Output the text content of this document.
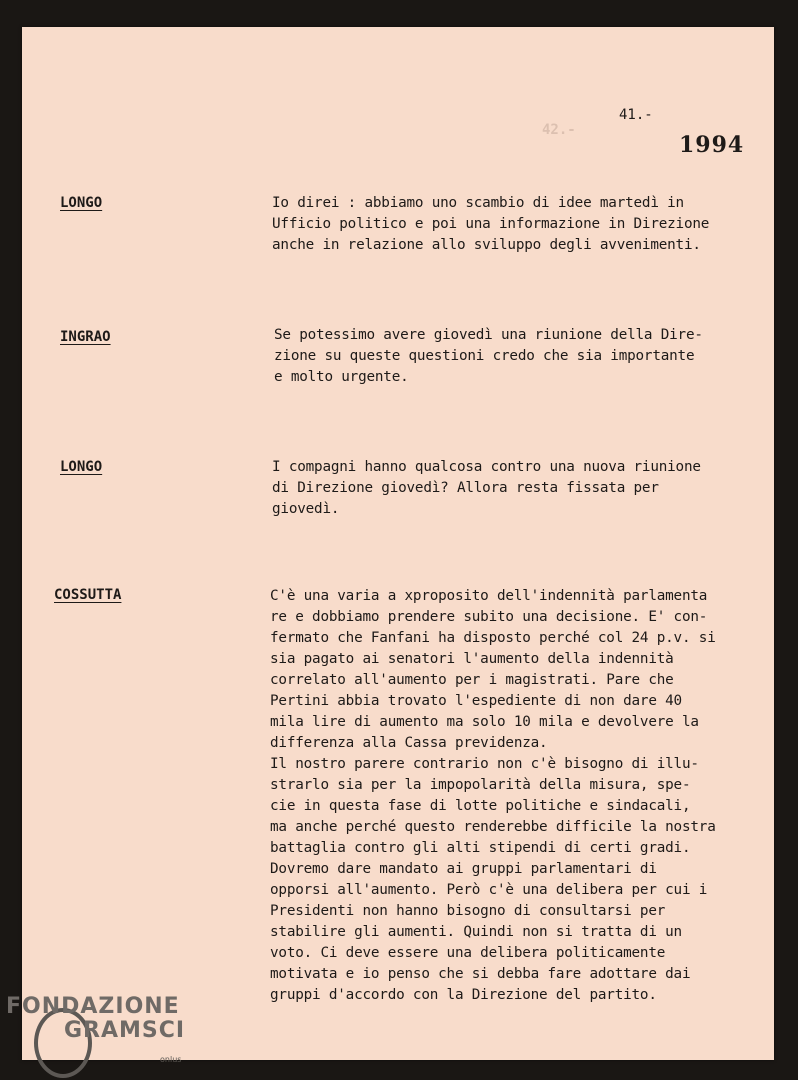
42.-
41.-
1994
LONGO	Io direi : abbiamo uno scambio di idee martedì in
Ufficio politico e poi una informazione in Direzione
anche in relazione allo sviluppo degli avvenimenti.
INGRAO	Se potessimo avere giovedì una riunione della Dire-
zione su queste questioni credo che sia importante
e molto urgente.
LONGO	I compagni hanno qualcosa contro una nuova riunione
di Direzione giovedì? Allora resta fissata per
giovedì.
COSSUTTA	C'è una varia a xproposito dell'indennità parlamenta
re e dobbiamo prendere subito una decisione. E' con-
fermato che Fanfani ha disposto perché col 24 p.v. si
sia pagato ai senatori l'aumento della indennità
correlato all'aumento per i magistrati. Pare che
Pertini abbia trovato l'espediente di non dare 40
mila lire di aumento ma solo 10 mila e devolvere la
differenza alla Cassa previdenza.
Il nostro parere contrario non c'è bisogno di illu-
strarlo sia per la impopolarità della misura, spe-
cie in questa fase di lotte politiche e sindacali,
ma anche perché questo renderebbe difficile la nostra
battaglia contro gli alti stipendi di certi gradi.
Dovremo dare mandato ai gruppi parlamentari di
opporsi all'aumento. Però c'è una delibera per cui i
Presidenti non hanno bisogno di consultarsi per
stabilire gli aumenti. Quindi non si tratta di un
voto. Ci deve essere una delibera politicamente
motivata e io penso che si debba fare adottare dai
gruppi d'accordo con la Direzione del partito.
FONDAZIONE
GRAMSCI
onlus
